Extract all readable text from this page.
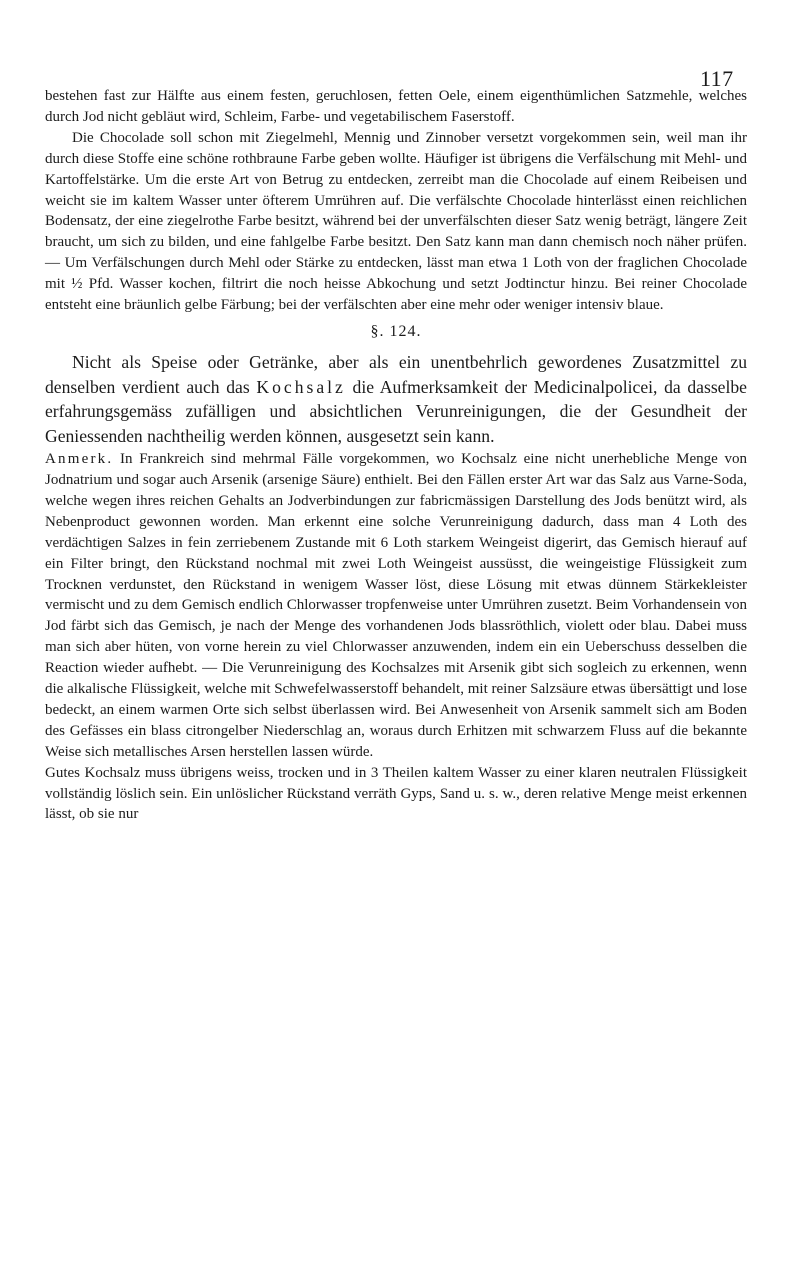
117

bestehen fast zur Hälfte aus einem festen, geruchlosen, fetten Oele, einem eigenthümlichen Satzmehle, welches durch Jod nicht gebläut wird, Schleim, Farbe- und vegetabilischem Faserstoff.

Die Chocolade soll schon mit Ziegelmehl, Mennig und Zinnober versetzt vorgekommen sein, weil man ihr durch diese Stoffe eine schöne rothbraune Farbe geben wollte. Häufiger ist übrigens die Verfälschung mit Mehl- und Kartoffelstärke. Um die erste Art von Betrug zu entdecken, zerreibt man die Chocolade auf einem Reibeisen und weicht sie im kaltem Wasser unter öfterem Umrühren auf. Die verfälschte Chocolade hinterlässt einen reichlichen Bodensatz, der eine ziegelrothe Farbe besitzt, während bei der unverfälschten dieser Satz wenig beträgt, längere Zeit braucht, um sich zu bilden, und eine fahlgelbe Farbe besitzt. Den Satz kann man dann chemisch noch näher prüfen. — Um Verfälschungen durch Mehl oder Stärke zu entdecken, lässt man etwa 1 Loth von der fraglichen Chocolade mit ½ Pfd. Wasser kochen, filtrirt die noch heisse Abkochung und setzt Jodtinctur hinzu. Bei reiner Chocolade entsteht eine bräunlich gelbe Färbung; bei der verfälschten aber eine mehr oder weniger intensiv blaue.

§. 124.

Nicht als Speise oder Getränke, aber als ein unentbehrlich gewordenes Zusatzmittel zu denselben verdient auch das Kochsalz die Aufmerksamkeit der Medicinalpolicei, da dasselbe erfahrungsgemäss zufälligen und absichtlichen Verunreinigungen, die der Gesundheit der Geniessenden nachtheilig werden können, ausgesetzt sein kann.

Anmerk. In Frankreich sind mehrmal Fälle vorgekommen, wo Kochsalz eine nicht unerhebliche Menge von Jodnatrium und sogar auch Arsenik (arsenige Säure) enthielt. Bei den Fällen erster Art war das Salz aus Varne-Soda, welche wegen ihres reichen Gehalts an Jodverbindungen zur fabricmässigen Darstellung des Jods benützt wird, als Nebenproduct gewonnen worden. Man erkennt eine solche Verunreinigung dadurch, dass man 4 Loth des verdächtigen Salzes in fein zerriebenem Zustande mit 6 Loth starkem Weingeist digerirt, das Gemisch hierauf auf ein Filter bringt, den Rückstand nochmal mit zwei Loth Weingeist aussüsst, die weingeistige Flüssigkeit zum Trocknen verdunstet, den Rückstand in wenigem Wasser löst, diese Lösung mit etwas dünnem Stärkekleister vermischt und zu dem Gemisch endlich Chlorwasser tropfenweise unter Umrühren zusetzt. Beim Vorhandensein von Jod färbt sich das Gemisch, je nach der Menge des vorhandenen Jods blassröthlich, violett oder blau. Dabei muss man sich aber hüten, von vorne herein zu viel Chlorwasser anzuwenden, indem ein ein Ueberschuss desselben die Reaction wieder aufhebt. — Die Verunreinigung des Kochsalzes mit Arsenik gibt sich sogleich zu erkennen, wenn die alkalische Flüssigkeit, welche mit Schwefelwasserstoff behandelt, mit reiner Salzsäure etwas übersättigt und lose bedeckt, an einem warmen Orte sich selbst überlassen wird. Bei Anwesenheit von Arsenik sammelt sich am Boden des Gefässes ein blass citrongelber Niederschlag an, woraus durch Erhitzen mit schwarzem Fluss auf die bekannte Weise sich metallisches Arsen herstellen lassen würde.

Gutes Kochsalz muss übrigens weiss, trocken und in 3 Theilen kaltem Wasser zu einer klaren neutralen Flüssigkeit vollständig löslich sein. Ein unlöslicher Rückstand verräth Gyps, Sand u. s. w., deren relative Menge meist erkennen lässt, ob sie nur
